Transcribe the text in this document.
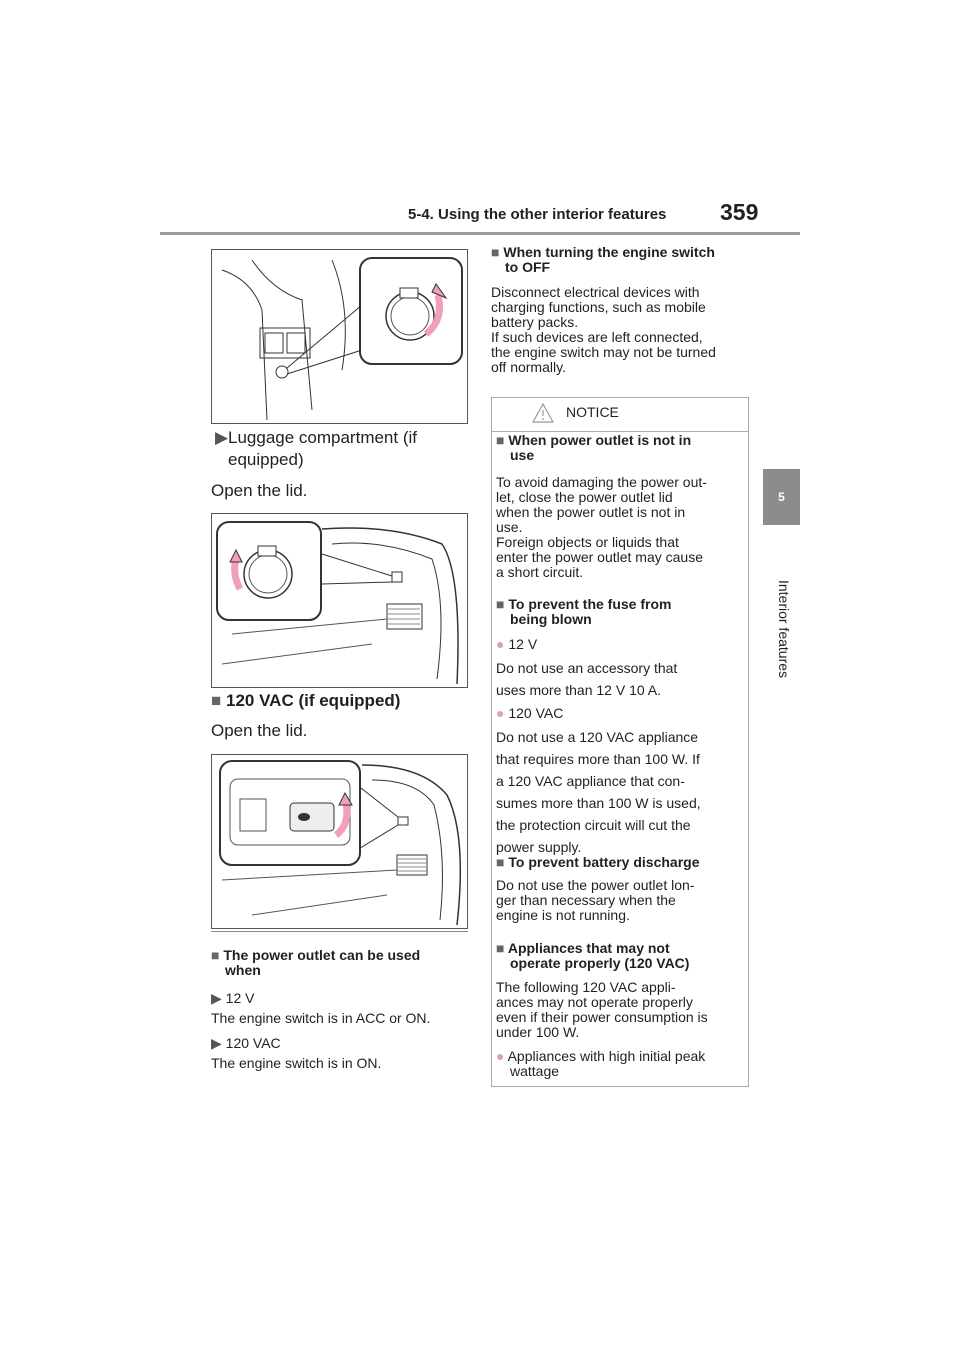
5-4. Using the other interior features 359
5
Interior features
▶ Luggage compartment (if
equipped)
Open the lid.
■ 120 VAC (if equipped)
Open the lid.
■ The power outlet can be used
when
▶ 12 V
The engine switch is in ACC or ON.
▶ 120 VAC
The engine switch is in ON.
■ When turning the engine switch
to OFF
Disconnect electrical devices with
charging functions, such as mobile
battery packs.
If such devices are left connected,
the engine switch may not be turned
off normally.
NOTICE
■ When power outlet is not in
use
To avoid damaging the power out-
let, close the power outlet lid
when the power outlet is not in
use.
Foreign objects or liquids that
enter the power outlet may cause
a short circuit.
■ To prevent the fuse from
being blown
● 12 V
Do not use an accessory that
uses more than 12 V 10 A.
● 120 VAC
Do not use a 120 VAC appliance
that requires more than 100 W. If
a 120 VAC appliance that con-
sumes more than 100 W is used,
the protection circuit will cut the
power supply.
■ To prevent battery discharge
Do not use the power outlet lon-
ger than necessary when the
engine is not running.
■ Appliances that may not
operate properly (120 VAC)
The following 120 VAC appli-
ances may not operate properly
even if their power consumption is
under 100 W.
● Appliances with high initial peak
wattage
